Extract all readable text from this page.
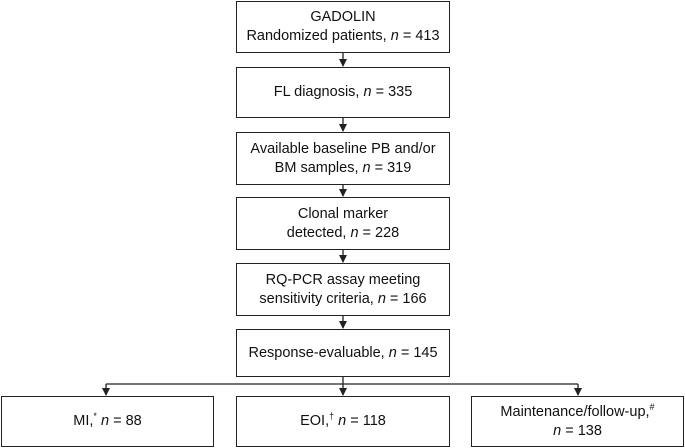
GADOLIN
Randomized patients, n = 413
FL diagnosis, n = 335
Available baseline PB and/or
BM samples, n = 319
Clonal marker
detected, n = 228
RQ-PCR assay meeting
sensitivity criteria, n = 166
Response-evaluable, n = 145
MI,* n = 88	EOI,† n = 118
Maintenance/follow-up,#
n = 138
